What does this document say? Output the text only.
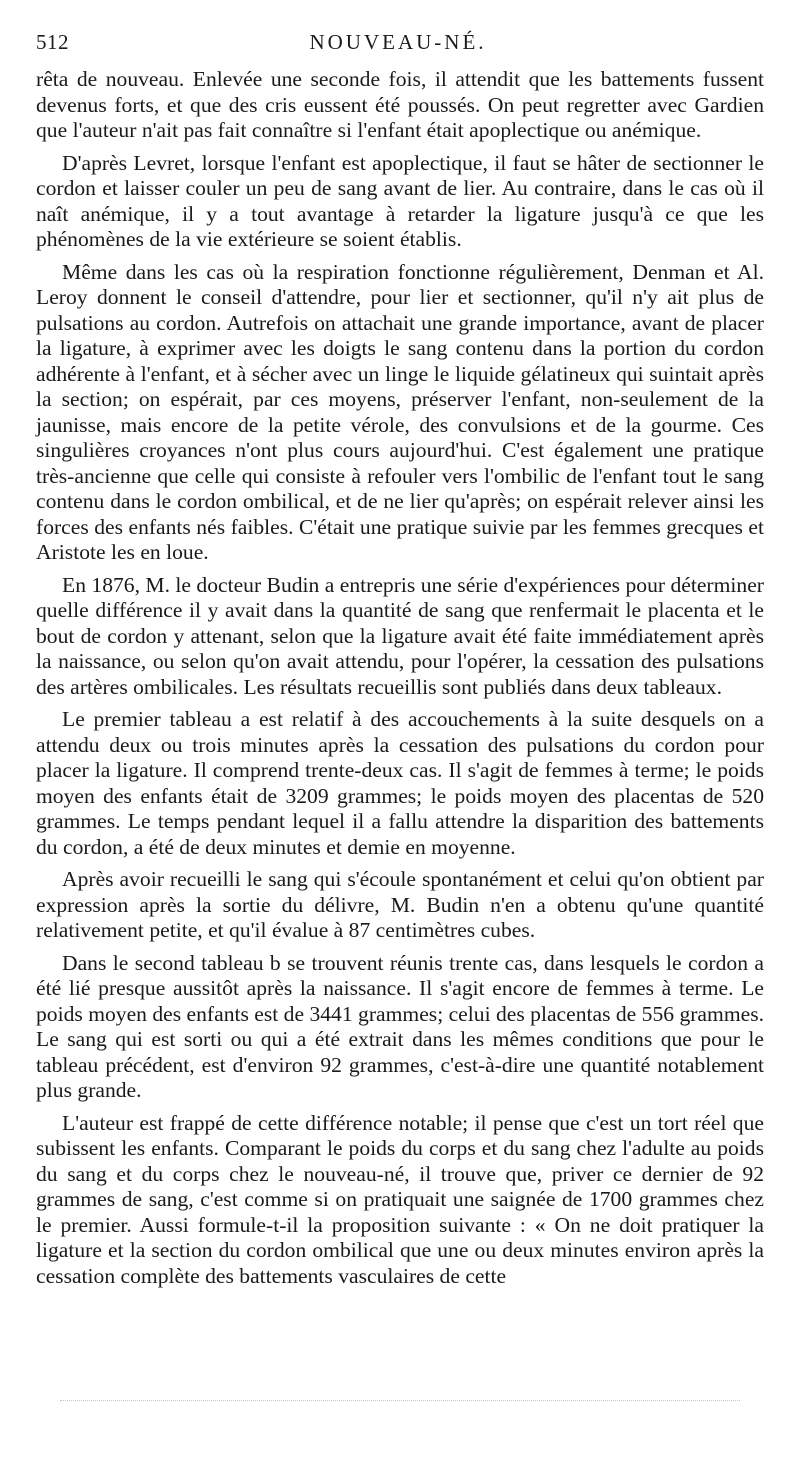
512	NOUVEAU-NÉ.

rêta de nouveau. Enlevée une seconde fois, il attendit que les battements fussent devenus forts, et que des cris eussent été poussés. On peut regretter avec Gardien que l'auteur n'ait pas fait connaître si l'enfant était apoplectique ou anémique.

D'après Levret, lorsque l'enfant est apoplectique, il faut se hâter de sectionner le cordon et laisser couler un peu de sang avant de lier. Au contraire, dans le cas où il naît anémique, il y a tout avantage à retarder la ligature jusqu'à ce que les phénomènes de la vie extérieure se soient établis.

Même dans les cas où la respiration fonctionne régulièrement, Denman et Al. Leroy donnent le conseil d'attendre, pour lier et sectionner, qu'il n'y ait plus de pulsations au cordon. Autrefois on attachait une grande importance, avant de placer la ligature, à exprimer avec les doigts le sang contenu dans la portion du cordon adhérente à l'enfant, et à sécher avec un linge le liquide gélatineux qui suintait après la section; on espérait, par ces moyens, préserver l'enfant, non-seulement de la jaunisse, mais encore de la petite vérole, des convulsions et de la gourme. Ces singulières croyances n'ont plus cours aujourd'hui. C'est également une pratique très-ancienne que celle qui consiste à refouler vers l'ombilic de l'enfant tout le sang contenu dans le cordon ombilical, et de ne lier qu'après; on espérait relever ainsi les forces des enfants nés faibles. C'était une pratique suivie par les femmes grecques et Aristote les en loue.

En 1876, M. le docteur Budin a entrepris une série d'expériences pour déterminer quelle différence il y avait dans la quantité de sang que renfermait le placenta et le bout de cordon y attenant, selon que la ligature avait été faite immédiatement après la naissance, ou selon qu'on avait attendu, pour l'opérer, la cessation des pulsations des artères ombilicales. Les résultats recueillis sont publiés dans deux tableaux.

Le premier tableau a est relatif à des accouchements à la suite desquels on a attendu deux ou trois minutes après la cessation des pulsations du cordon pour placer la ligature. Il comprend trente-deux cas. Il s'agit de femmes à terme; le poids moyen des enfants était de 3209 grammes; le poids moyen des placentas de 520 grammes. Le temps pendant lequel il a fallu attendre la disparition des battements du cordon, a été de deux minutes et demie en moyenne.

Après avoir recueilli le sang qui s'écoule spontanément et celui qu'on obtient par expression après la sortie du délivre, M. Budin n'en a obtenu qu'une quantité relativement petite, et qu'il évalue à 87 centimètres cubes.

Dans le second tableau b se trouvent réunis trente cas, dans lesquels le cordon a été lié presque aussitôt après la naissance. Il s'agit encore de femmes à terme. Le poids moyen des enfants est de 3441 grammes; celui des placentas de 556 grammes. Le sang qui est sorti ou qui a été extrait dans les mêmes conditions que pour le tableau précédent, est d'environ 92 grammes, c'est-à-dire une quantité notablement plus grande.

L'auteur est frappé de cette différence notable; il pense que c'est un tort réel que subissent les enfants. Comparant le poids du corps et du sang chez l'adulte au poids du sang et du corps chez le nouveau-né, il trouve que, priver ce dernier de 92 grammes de sang, c'est comme si on pratiquait une saignée de 1700 grammes chez le premier. Aussi formule-t-il la proposition suivante : « On ne doit pratiquer la ligature et la section du cordon ombilical que une ou deux minutes environ après la cessation complète des battements vasculaires de cette
